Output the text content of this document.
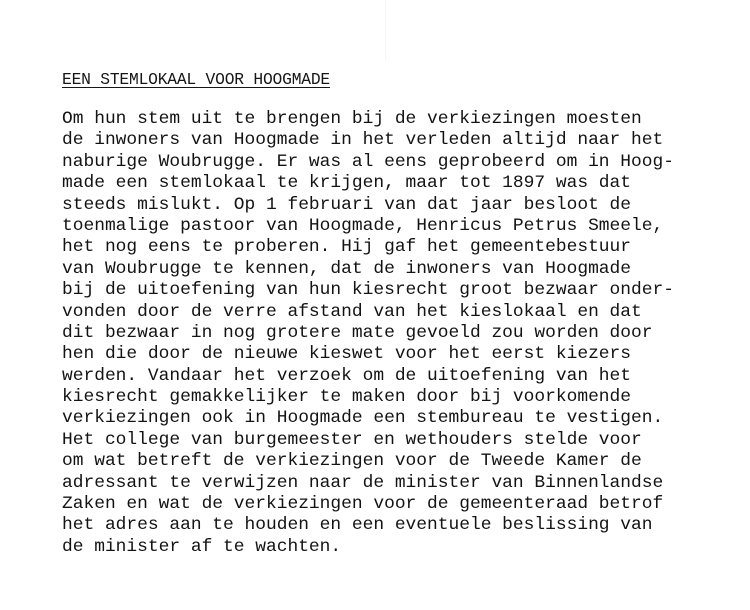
EEN STEMLOKAAL VOOR HOOGMADE
Om hun stem uit te brengen bij de verkiezingen moesten
de inwoners van Hoogmade in het verleden altijd naar het
naburige Woubrugge. Er was al eens geprobeerd om in Hoog-
made een stemlokaal te krijgen, maar tot 1897 was dat
steeds mislukt. Op 1 februari van dat jaar besloot de
toenmalige pastoor van Hoogmade, Henricus Petrus Smeele,
het nog eens te proberen. Hij gaf het gemeentebestuur
van Woubrugge te kennen, dat de inwoners van Hoogmade
bij de uitoefening van hun kiesrecht groot bezwaar onder-
vonden door de verre afstand van het kieslokaal en dat
dit bezwaar in nog grotere mate gevoeld zou worden door
hen die door de nieuwe kieswet voor het eerst kiezers
werden. Vandaar het verzoek om de uitoefening van het
kiesrecht gemakkelijker te maken door bij voorkomende
verkiezingen ook in Hoogmade een stembureau te vestigen.
Het college van burgemeester en wethouders stelde voor
om wat betreft de verkiezingen voor de Tweede Kamer de
adressant te verwijzen naar de minister van Binnenlandse
Zaken en wat de verkiezingen voor de gemeenteraad betrof
het adres aan te houden en een eventuele beslissing van
de minister af te wachten.
